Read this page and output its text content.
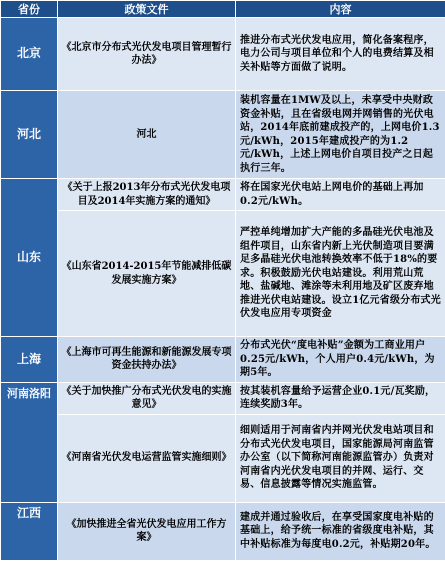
省份	政策文件	内容
北京	《北京市分布式光伏发电项目管理暂行办法》	推进分布式光伏发电应用，简化备案程序，电力公司与项目单位和个人的电费结算及相关补贴等方面做了说明。
河北	河北	装机容量在1MW及以上，未享受中央财政资金补贴，且在省级电网并网销售的光伏电站，2014年底前建成投产的，上网电价1.3元/kWh，2015年建成投产的为1.2元/kWh，上述上网电价自项目投产之日起执行三年。
山东	《关于上报2013年分布式光伏发电项目及2014年实施方案的通知》	将在国家光伏电站上网电价的基础上再加0.2元/kWh。
	《山东省2014-2015年节能减排低碳发展实施方案》	严控单纯增加扩大产能的多晶硅光伏电池及组件项目，山东省内新上光伏制造项目要满足多晶硅光伏电池转换效率不低于18%的要求。积极鼓励光伏电站建设。利用荒山荒地、盐碱地、滩涂等未利用地及矿区废弃地推进光伏电站建设。设立1亿元省级分布式光伏发电应用专项资金
上海	《上海市可再生能源和新能源发展专项资金扶持办法》	分布式光伏“度电补贴”金额为工商业用户0.25元/kWh，个人用户0.4元/kWh，为期5年。
河南洛阳	《关于加快推广分布式光伏发电的实施意见》	按其装机容量给予运营企业0.1元/瓦奖励，连续奖励3年。
	《河南省光伏发电运营监管实施细则》	细则适用于河南省内并网光伏发电站项目和分布式光伏发电项目，国家能源局河南监管办公室（以下简称河南能源监管办）负责对河南省内光伏发电项目的并网、运行、交易、信息披露等情况实施监管。
江西	《加快推进全省光伏发电应用工作方案》	建成并通过验收后，在享受国家度电补贴的基础上，给予统一标准的省级度电补贴，其中补贴标准为每度电0.2元，补贴期20年。
